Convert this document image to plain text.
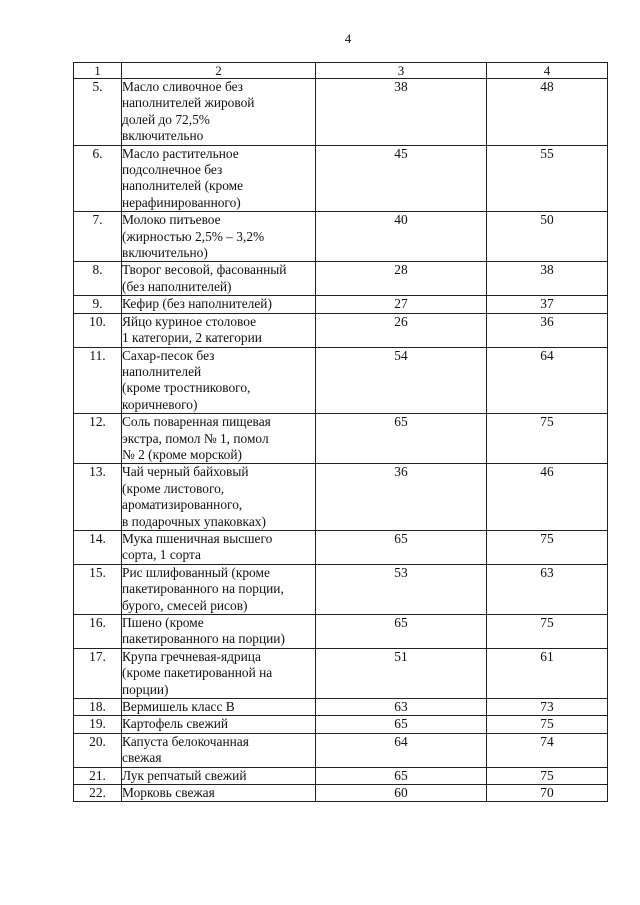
4
1	2	3	4
5.	Масло сливочное без
наполнителей жировой
долей до 72,5%
включительно	38	48
6.	Масло растительное
подсолнечное без
наполнителей (кроме
нерафинированного)	45	55
7.	Молоко питьевое
(жирностью 2,5% – 3,2%
включительно)	40	50
8.	Творог весовой, фасованный
(без наполнителей)	28	38
9.	Кефир (без наполнителей)	27	37
10.	Яйцо куриное столовое
1 категории, 2 категории	26	36
11.	Сахар-песок без
наполнителей
(кроме тростникового,
коричневого)	54	64
12.	Соль поваренная пищевая
экстра, помол № 1, помол
№ 2 (кроме морской)	65	75
13.	Чай черный байховый
(кроме листового,
ароматизированного,
в подарочных упаковках)	36	46
14.	Мука пшеничная высшего
сорта, 1 сорта	65	75
15.	Рис шлифованный (кроме
пакетированного на порции,
бурого, смесей рисов)	53	63
16.	Пшено (кроме
пакетированного на порции)	65	75
17.	Крупа гречневая-ядрица
(кроме пакетированной на
порции)	51	61
18.	Вермишель класс В	63	73
19.	Картофель свежий	65	75
20.	Капуста белокочанная
свежая	64	74
21.	Лук репчатый свежий	65	75
22.	Морковь свежая	60	70
